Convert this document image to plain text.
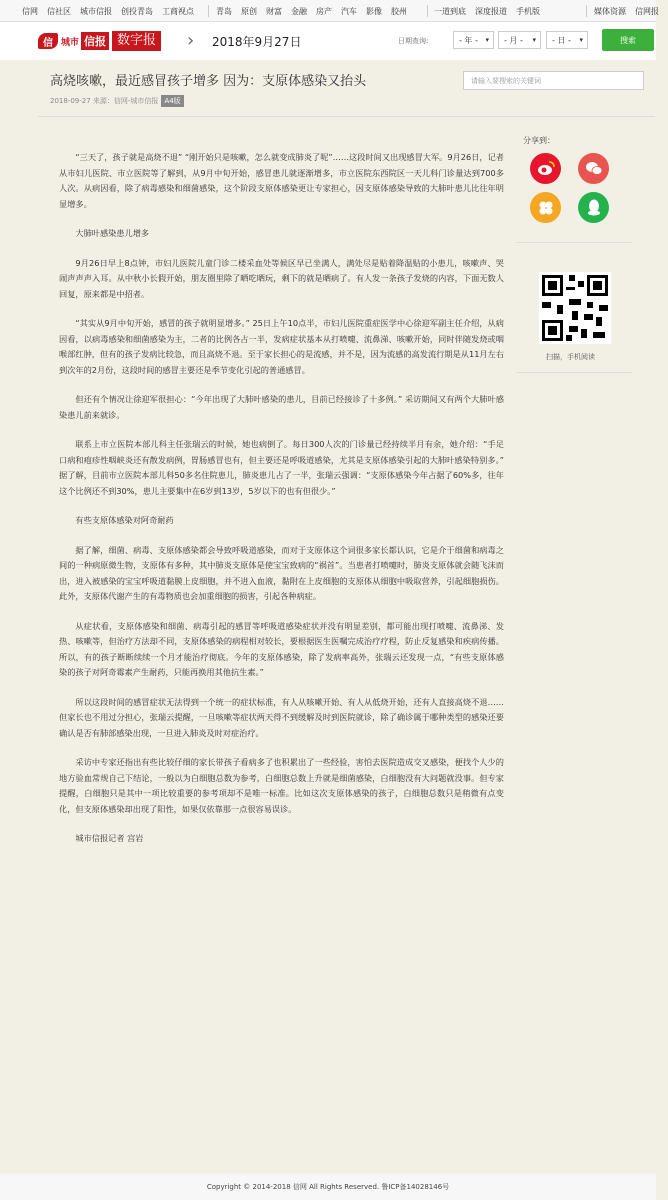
信网 信社区 城市信报 创投青岛 工商视点	青岛 原创 财富 金融 房产 汽车 影像 胶州	一道到底 深度报道 手机版	媒体资源 信网报
信 城市 信报 数字报 › 2018年9月27日	日期查询:	- 年 - ▾ - 月 - ▾ - 日 - ▾	搜索
高烧咳嗽，最近感冒孩子增多 因为：支原体感染又抬头
2018-09-27 来源：信网-城市信报 A4版
请输入要搜索的关键词

“三天了，孩子就是高烧不退” “刚开始只是咳嗽，怎么就变成肺炎了呢”……这段时间又出现感冒大军。9月26日，记者从市妇儿医院、市立医院等了解到，从9月中旬开始，感冒患儿就逐渐增多，市立医院东西院区一天儿科门诊量达到700多人次。从病因看，除了病毒感染和细菌感染，这个阶段支原体感染更让专家担心，因支原体感染导致的大肺叶患儿比往年明显增多。

大肺叶感染患儿增多

9月26日早上8点钟，市妇儿医院儿童门诊二楼采血处等候区早已坐满人，满处尽是贴着降温贴的小患儿，咳嗽声、哭闹声声声入耳。从中秋小长假开始，朋友圈里除了晒吃晒玩，剩下的就是晒病了。有人发一条孩子发烧的内容，下面无数人回复，原来都是中招者。

“其实从9月中旬开始，感冒的孩子就明显增多。” 25日上午10点半，市妇儿医院重症医学中心徐迎军副主任介绍，从病因看，以病毒感染和细菌感染为主，二者的比例各占一半，发病症状基本从打喷嚏、流鼻涕、咳嗽开始，同时伴随发烧或咽喉部红肿，但有的孩子发病比较急，而且高烧不退。至于家长担心的是流感，并不是，因为流感的高发流行期是从11月左右到次年的2月份，这段时间的感冒主要还是季节变化引起的普通感冒。

但还有个情况让徐迎军很担心：“今年出现了大肺叶感染的患儿，目前已经接诊了十多例。” 采访期间又有两个大肺叶感染患儿前来就诊。

联系上市立医院本部儿科主任张瑞云的时候，她也病倒了。每日300人次的门诊量已经持续半月有余，她介绍：“手足口病和疱疹性咽峡炎还有散发病例，胃肠感冒也有，但主要还是呼吸道感染，尤其是支原体感染引起的大肺叶感染特别多。” 据了解，目前市立医院本部儿科50多名住院患儿，肺炎患儿占了一半，张瑞云强调：“支原体感染今年占据了60%多，往年这个比例还不到30%，患儿主要集中在6岁到13岁，5岁以下的也有但很少。”

有些支原体感染对阿奇耐药

据了解，细菌、病毒、支原体感染都会导致呼吸道感染，而对于支原体这个词很多家长都认识，它是介于细菌和病毒之间的一种病原微生物，支原体有多种，其中肺炎支原体是使宝宝致病的“祸首”。当患者打喷嚏时，肺炎支原体就会随飞沫而出，进入被感染的宝宝呼吸道黏膜上皮细胞，并不进入血液，黏附在上皮细胞的支原体从细胞中吸取营养，引起细胞损伤。此外，支原体代谢产生的有毒物质也会加重细胞的损害，引起各种病症。

从症状看，支原体感染和细菌、病毒引起的感冒等呼吸道感染症状并没有明显差别，都可能出现打喷嚏、流鼻涕、发热、咳嗽等，但治疗方法却不同，支原体感染的病程相对较长，要根据医生医嘱完成治疗疗程，防止反复感染和疾病传播。所以，有的孩子断断续续一个月才能治疗彻底。今年的支原体感染，除了发病率高外，张瑞云还发现一点，“有些支原体感染的孩子对阿奇霉素产生耐药，只能再换用其他抗生素。”

所以这段时间的感冒症状无法得到一个统一的症状标准，有人从咳嗽开始、有人从低烧开始，还有人直接高烧不退……但家长也不用过分担心，张瑞云提醒，一旦咳嗽等症状两天得不到缓解及时到医院就诊，除了确诊属于哪种类型的感染还要确认是否有肺部感染出现，一旦进入肺炎及时对症治疗。

采访中专家还指出有些比较仔细的家长带孩子看病多了也积累出了一些经验，害怕去医院造成交叉感染，便找个人少的地方验血常规自己下结论，一般以为白细胞总数为参考，白细胞总数上升就是细菌感染，白细胞没有大问题就没事。但专家提醒，白细胞只是其中一项比较重要的参考项却不是唯一标准。比如这次支原体感染的孩子，白细胞总数只是稍微有点变化，但支原体感染却出现了阳性，如果仅依靠那一点很容易误诊。

城市信报记者 宫岩

分享到：
扫描，手机阅读
Copyright © 2014-2018 信网 All Rights Reserved. 鲁ICP备14028146号
